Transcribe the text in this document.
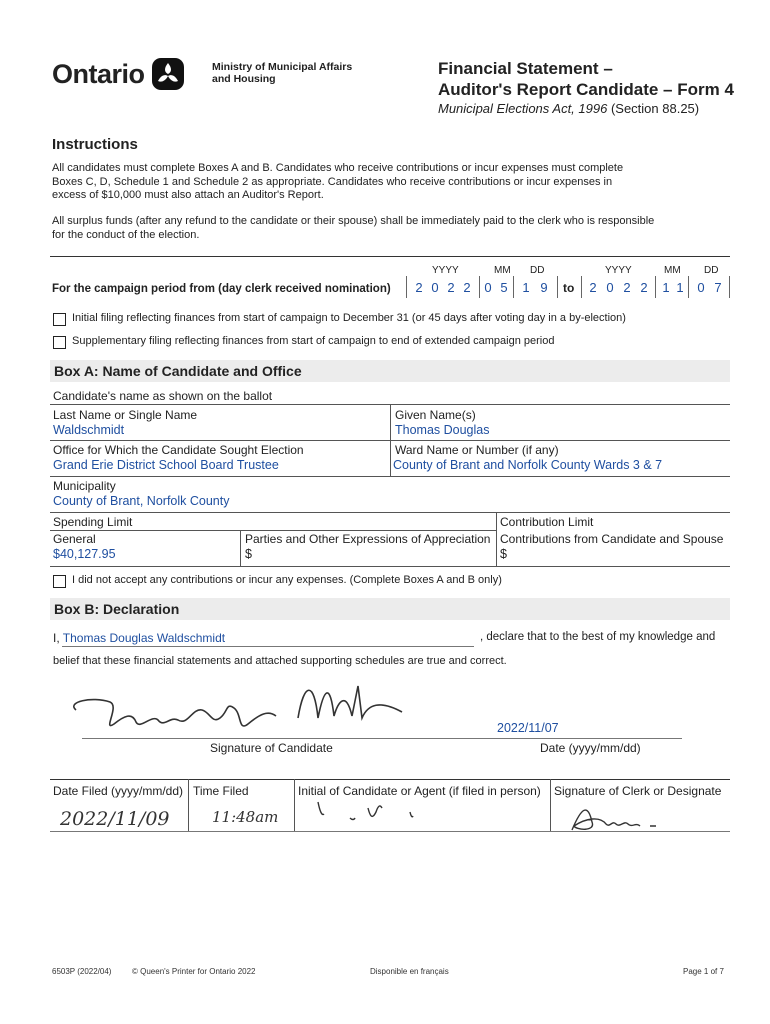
Ontario	Ministry of Municipal Affairs
and Housing
Financial Statement –
Auditor's Report Candidate – Form 4
Municipal Elections Act, 1996 (Section 88.25)
Instructions
All candidates must complete Boxes A and B. Candidates who receive contributions or incur expenses must complete
Boxes C, D, Schedule 1 and Schedule 2 as appropriate. Candidates who receive contributions or incur expenses in
excess of $10,000 must also attach an Auditor's Report.
All surplus funds (after any refund to the candidate or their spouse) shall be immediately paid to the clerk who is responsible
for the conduct of the election.
For the campaign period from (day clerk received nomination)
YYYY	MM DD	YYYY	MM DD
2 0 2 2	0 5	1 9	to	2 0 2 2	1 1	0 7
Initial filing reflecting finances from start of campaign to December 31 (or 45 days after voting day in a by-election)
Supplementary filing reflecting finances from start of campaign to end of extended campaign period
Box A: Name of Candidate and Office
Candidate's name as shown on the ballot
Last Name or Single Name
Waldschmidt
Given Name(s)
Thomas Douglas
Office for Which the Candidate Sought Election
Grand Erie District School Board Trustee
Ward Name or Number (if any)
County of Brant and Norfolk County Wards 3 & 7
Municipality
County of Brant, Norfolk County
Spending Limit
General
$40,127.95
Parties and Other Expressions of Appreciation
$
Contribution Limit
Contributions from Candidate and Spouse
$
I did not accept any contributions or incur any expenses. (Complete Boxes A and B only)
Box B: Declaration
I, Thomas Douglas Waldschmidt	, declare that to the best of my knowledge and
belief that these financial statements and attached supporting schedules are true and correct.
2022/11/07
Signature of Candidate	Date (yyyy/mm/dd)
Date Filed (yyyy/mm/dd)
2022/11/09
Time Filed
11:48am
Initial of Candidate or Agent (if filed in person) Signature of Clerk or Designate
6503P (2022/04)	© Queen's Printer for Ontario 2022	Disponible en français	Page 1 of 7
